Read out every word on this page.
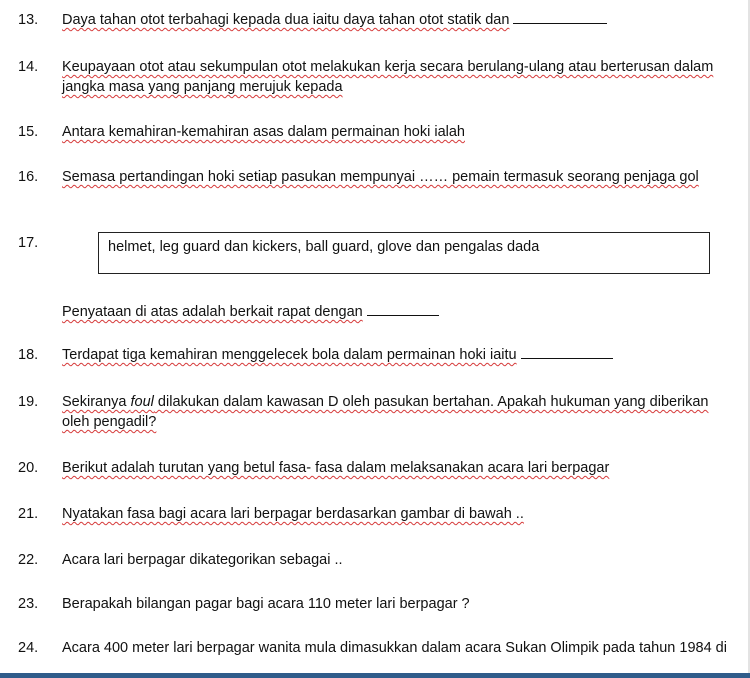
13. Daya tahan otot terbahagi kepada dua iaitu daya tahan otot statik dan
14. Keupayaan otot atau sekumpulan otot melakukan kerja secara berulang-ulang atau berterusan dalam jangka masa yang panjang merujuk kepada
15. Antara kemahiran-kemahiran asas dalam permainan hoki ialah
16. Semasa pertandingan hoki setiap pasukan mempunyai …… pemain termasuk seorang penjaga gol
17.	helmet, leg guard dan kickers, ball guard, glove dan pengalas dada
Penyataan di atas adalah berkait rapat dengan
18. Terdapat tiga kemahiran menggelecek bola dalam permainan hoki iaitu
19. Sekiranya foul dilakukan dalam kawasan D oleh pasukan bertahan. Apakah hukuman yang diberikan oleh pengadil?
20. Berikut adalah turutan yang betul fasa- fasa dalam melaksanakan acara lari berpagar
21. Nyatakan fasa bagi acara lari berpagar berdasarkan gambar di bawah ..
22. Acara lari berpagar dikategorikan sebagai ..
23. Berapakah bilangan pagar bagi acara 110 meter lari berpagar ?
24. Acara 400 meter lari berpagar wanita mula dimasukkan dalam acara Sukan Olimpik pada tahun 1984 di
